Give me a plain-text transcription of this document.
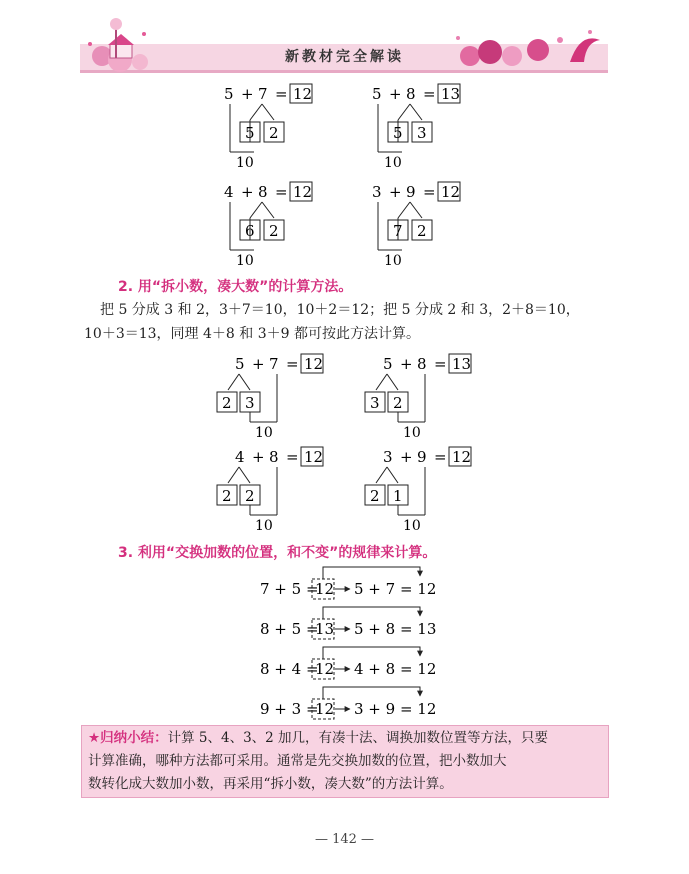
新教材完全解读
5 + 7 = 12
5 2
10
5 + 8 = 13
5 3
10
4 + 8 = 12
6 2
10
3 + 9 = 12
7 2
10
2. 用“拆小数，凑大数”的计算方法。
把 5 分成 3 和 2，3＋7＝10，10＋2＝12；把 5 分成 2 和 3，2＋8＝10，
10＋3＝13，同理 4＋8 和 3＋9 都可按此方法计算。
5 + 7 = 12
2 3
10
5 + 8 = 13
3 2
10
4 + 8 = 12
2 2
10
3 + 9 = 12
2 1
10
3. 利用“交换加数的位置，和不变”的规律来计算。
7 + 5 =
12 5 + 7 = 12
8 + 5 =
13 5 + 8 = 13
8 + 4 =
12 4 + 8 = 12
9 + 3 =
12 3 + 9 = 12
★归纳小结：计算 5、4、3、2 加几，有凑十法、调换加数位置等方法，只要
计算准确，哪种方法都可采用。通常是先交换加数的位置，把小数加大
数转化成大数加小数，再采用“拆小数，凑大数”的方法计算。
— 142 —
